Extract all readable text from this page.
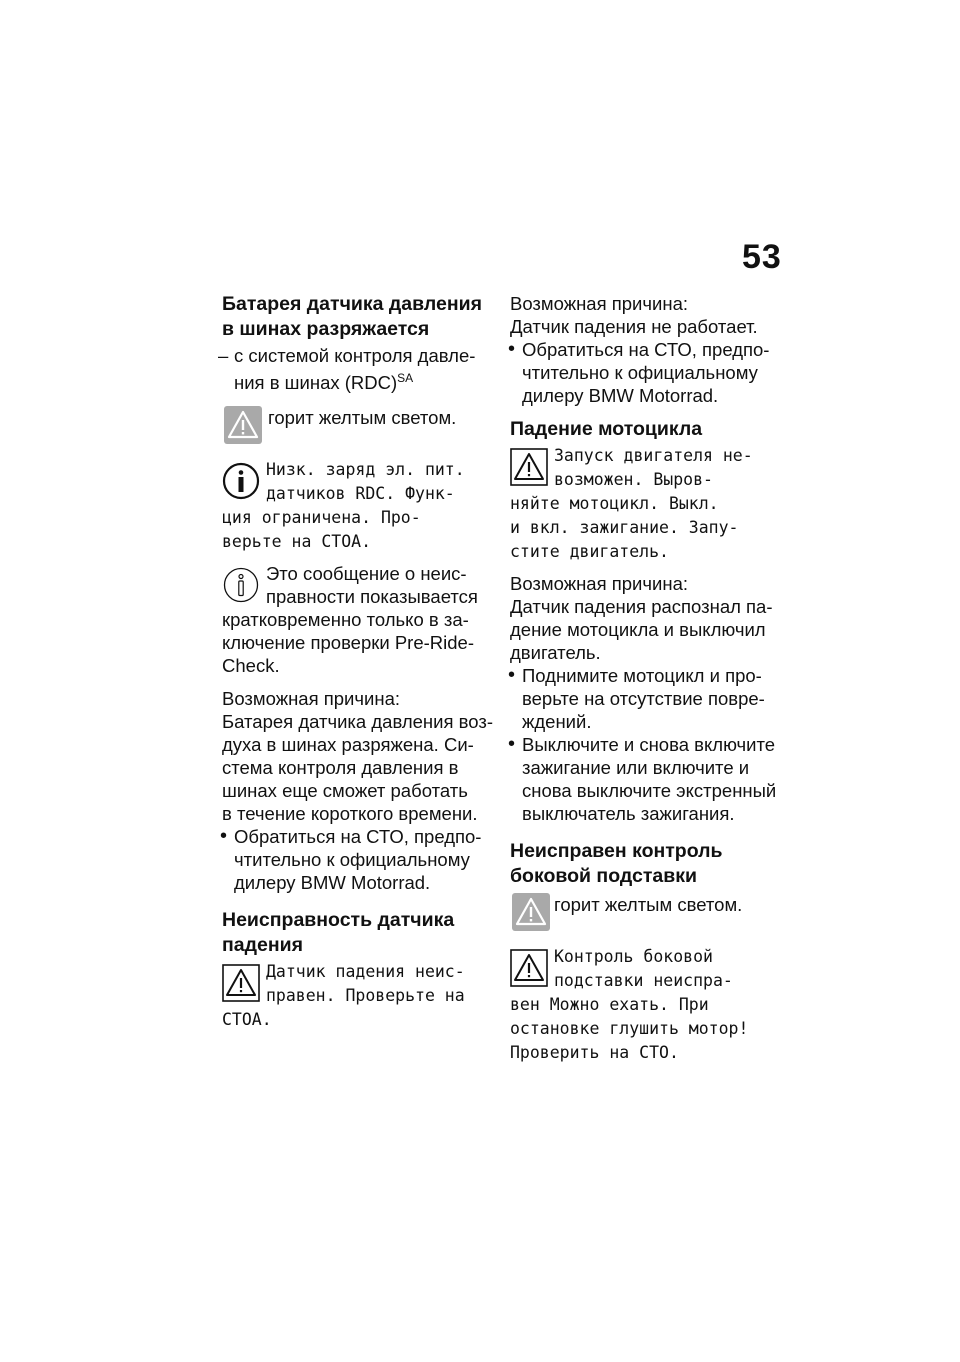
53
Батарея датчика давления
в шинах разряжается
– с системой контроля давле-
ния в шинах (RDC)$^{SA}$
горит желтым светом.
Низк. заряд эл. пит.
датчиков RDC. Функ-
ция ограничена. Про-
верьте на СТОА.
Это сообщение о неис-
правности показывается
кратковременно только в за-
ключение проверки Pre-Ride-
Check.
Возможная причина:
Батарея датчика давления воз-
духа в шинах разряжена. Си-
стема контроля давления в
шинах еще сможет работать
в течение короткого времени.
• Обратиться на СТО, предпо-
чтительно к официальному
дилеру BMW Motorrad.
Неисправность датчика
падения
Датчик падения неис-
правен. Проверьте на
СТОА.
Возможная причина:
Датчик падения не работает.
• Обратиться на СТО, предпо-
чтительно к официальному
дилеру BMW Motorrad.
Падение мотоцикла
Запуск двигателя не-
возможен. Выров-
няйте мотоцикл. Выкл.
и вкл. зажигание. Запу-
стите двигатель.
Возможная причина:
Датчик падения распознал па-
дение мотоцикла и выключил
двигатель.
• Поднимите мотоцикл и про-
верьте на отсутствие повре-
ждений.
• Выключите и снова включите
зажигание или включите и
снова выключите экстренный
выключатель зажигания.
Неисправен контроль
боковой подставки
горит желтым светом.
Контроль боковой
подставки неиспра-
вен Можно ехать. При
остановке глушить мотор!
Проверить на СТО.
